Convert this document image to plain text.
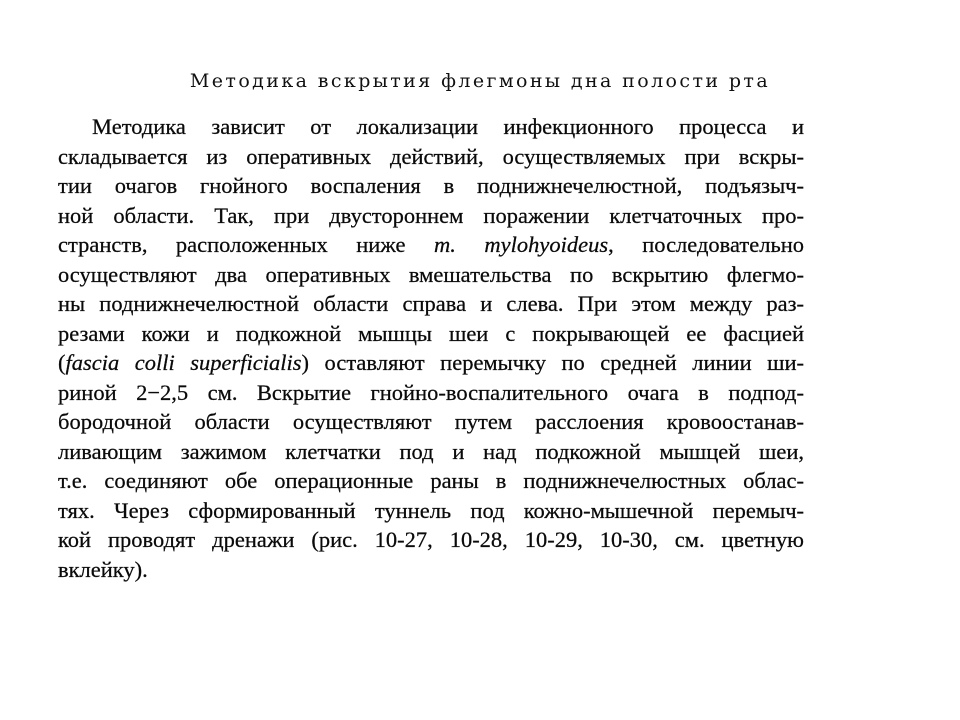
Методика вскрытия флегмоны дна полости рта
Методика зависит от локализации инфекционного процесса и
складывается из оперативных действий, осуществляемых при вскры-
тии очагов гнойного воспаления в поднижнечелюстной, подъязыч-
ной области. Так, при двустороннем поражении клетчаточных про-
странств, расположенных ниже m. mylohyoideus, последовательно
осуществляют два оперативных вмешательства по вскрытию флегмо-
ны поднижнечелюстной области справа и слева. При этом между раз-
резами кожи и подкожной мышцы шеи с покрывающей ее фасцией
(fascia colli superficialis) оставляют перемычку по средней линии ши-
риной 2−2,5 см. Вскрытие гнойно-воспалительного очага в подпод-
бородочной области осуществляют путем расслоения кровоостанав-
ливающим зажимом клетчатки под и над подкожной мышцей шеи,
т.е. соединяют обе операционные раны в поднижнечелюстных облас-
тях. Через сформированный туннель под кожно-мышечной перемыч-
кой проводят дренажи (рис. 10-27, 10-28, 10-29, 10-30, см. цветную
вклейку).
